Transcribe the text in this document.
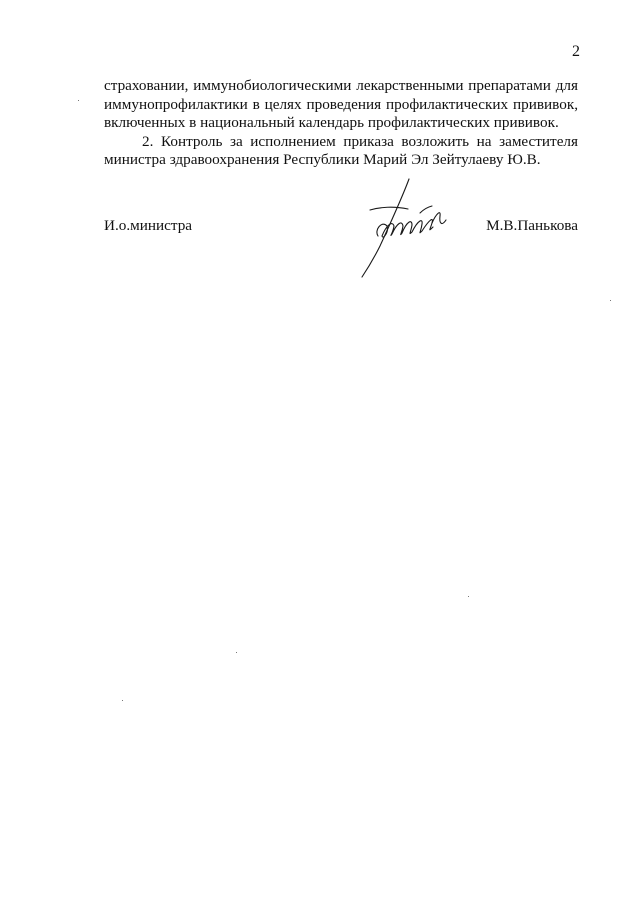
2

страховании, иммунобиологическими лекарственными препаратами для иммунопрофилактики в целях проведения профилактических прививок, включенных в национальный календарь профилактических прививок.

2. Контроль за исполнением приказа возложить на заместителя министра здравоохранения Республики Марий Эл Зейтулаеву Ю.В.

И.о.министра	М.В.Панькова
